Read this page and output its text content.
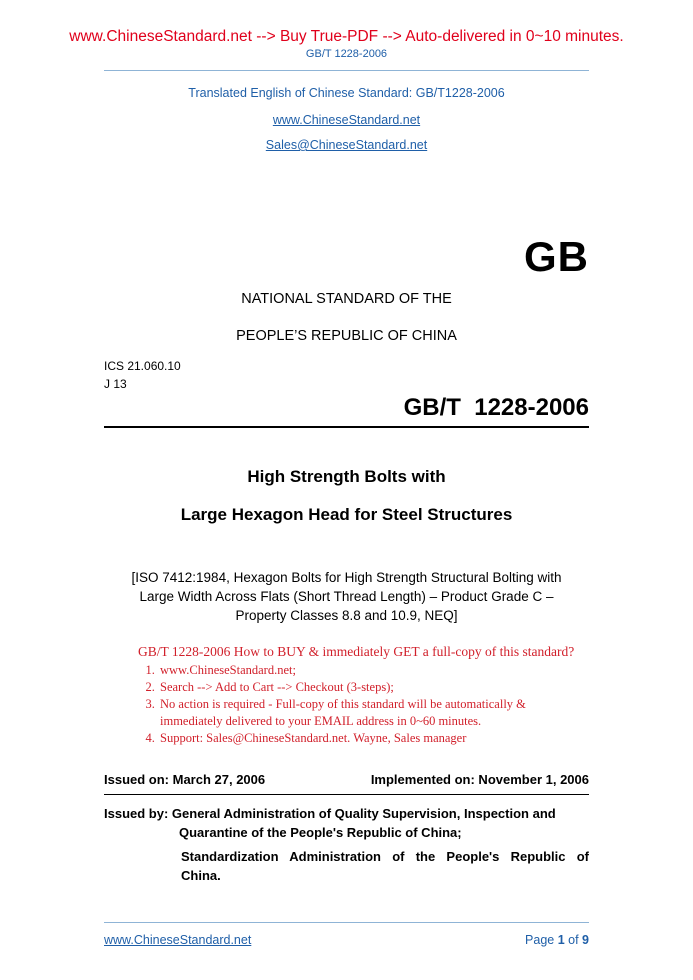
www.ChineseStandard.net --> Buy True-PDF --> Auto-delivered in 0~10 minutes.
GB/T 1228-2006
Translated English of Chinese Standard: GB/T1228-2006
www.ChineseStandard.net
Sales@ChineseStandard.net
GB
NATIONAL STANDARD OF THE
PEOPLE’S REPUBLIC OF CHINA
ICS 21.060.10
J 13
GB/T  1228-2006
High Strength Bolts with
Large Hexagon Head for Steel Structures
[ISO 7412:1984, Hexagon Bolts for High Strength Structural Bolting with
Large Width Across Flats (Short Thread Length) – Product Grade C –
Property Classes 8.8 and 10.9, NEQ]
GB/T 1228-2006 How to BUY & immediately GET a full-copy of this standard?
1. www.ChineseStandard.net;
2. Search --> Add to Cart --> Checkout (3-steps);
3. No action is required - Full-copy of this standard will be automatically & immediately delivered to your EMAIL address in 0~60 minutes.
4. Support: Sales@ChineseStandard.net. Wayne, Sales manager
Issued on: March 27, 2006	Implemented on: November 1, 2006
Issued by: General Administration of Quality Supervision, Inspection and
Quarantine of the People's Republic of China;
Standardization Administration of the People's Republic of China.
www.ChineseStandard.net	Page 1 of 9
